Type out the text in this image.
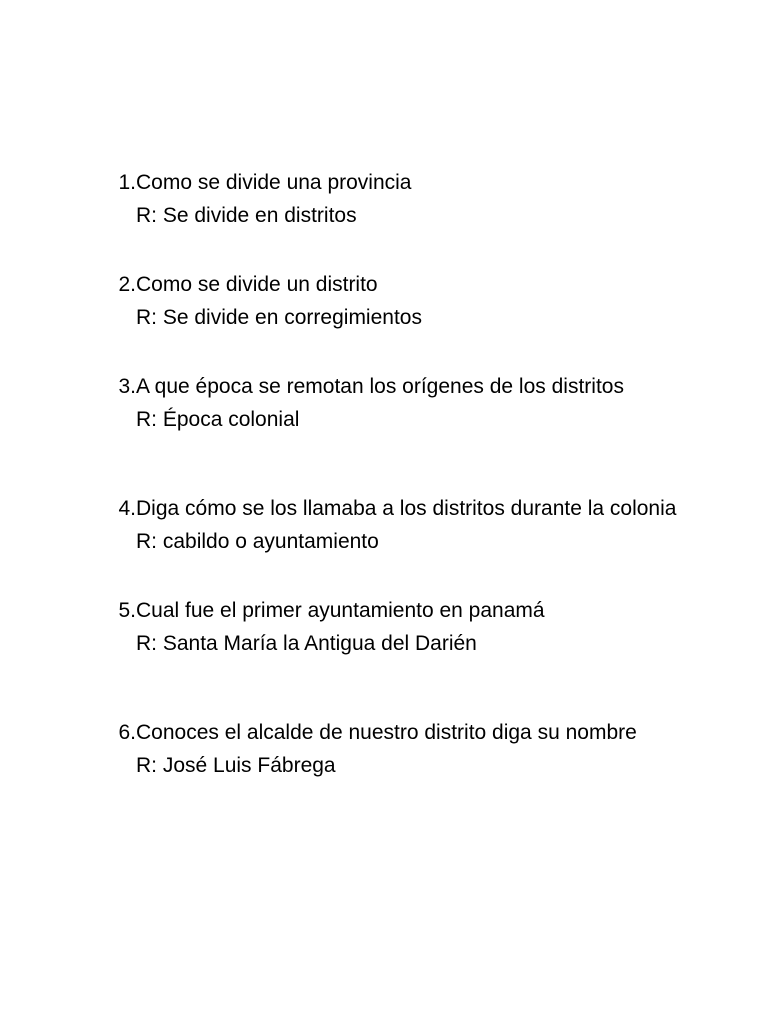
1. Como se divide una provincia
R: Se divide en distritos
2. Como se divide un distrito
R: Se divide en corregimientos
3. A que época se remotan los orígenes de los distritos
R: Época colonial
4. Diga cómo se los llamaba a los distritos durante la colonia
R: cabildo o ayuntamiento
5. Cual fue el primer ayuntamiento en panamá
R: Santa María la Antigua del Darién
6. Conoces el alcalde de nuestro distrito diga su nombre
R: José Luis Fábrega
